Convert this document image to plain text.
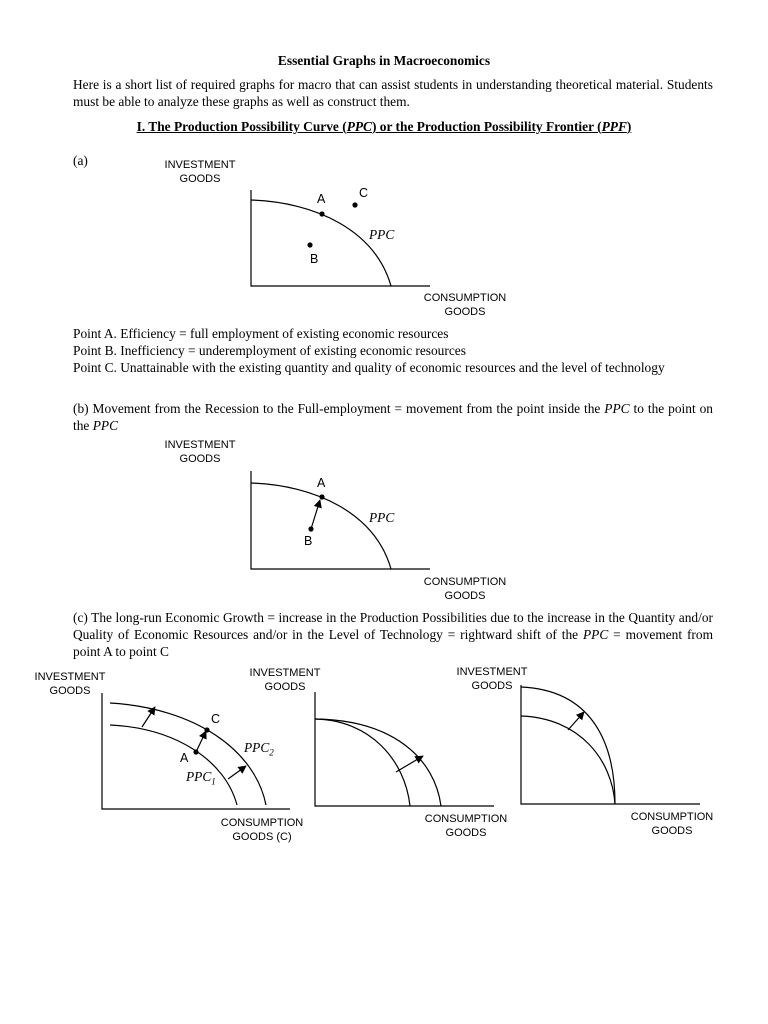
Essential Graphs in Macroeconomics
Here is a short list of required graphs for macro that can assist students in understanding theoretical material. Students must be able to analyze these graphs as well as construct them.
I. The Production Possibility Curve (PPC) or the Production Possibility Frontier (PPF)
(a)	INVESTMENT
GOODS
CONSUMPTION
GOODS
A	C
B
PPC
Point A. Efficiency = full employment of existing economic resources
Point B. Inefficiency = underemployment of existing economic resources
Point C. Unattainable with the existing quantity and quality of economic resources and the level of technology
(b) Movement from the Recession to the Full-employment = movement from the point inside the PPC to the point on the PPC
INVESTMENT
GOODS
CONSUMPTION
GOODS
A
B
PPC
(c) The long-run Economic Growth = increase in the Production Possibilities due to the increase in the Quantity and/or Quality of Economic Resources and/or in the Level of Technology = rightward shift of the PPC = movement from point A to point C
INVESTMENT
GOODS
CONSUMPTION
GOODS (C)
C
A
$PPC_2$
$PPC_1$
INVESTMENT
GOODS
CONSUMPTION
GOODS
INVESTMENT
GOODS
CONSUMPTION
GOODS
